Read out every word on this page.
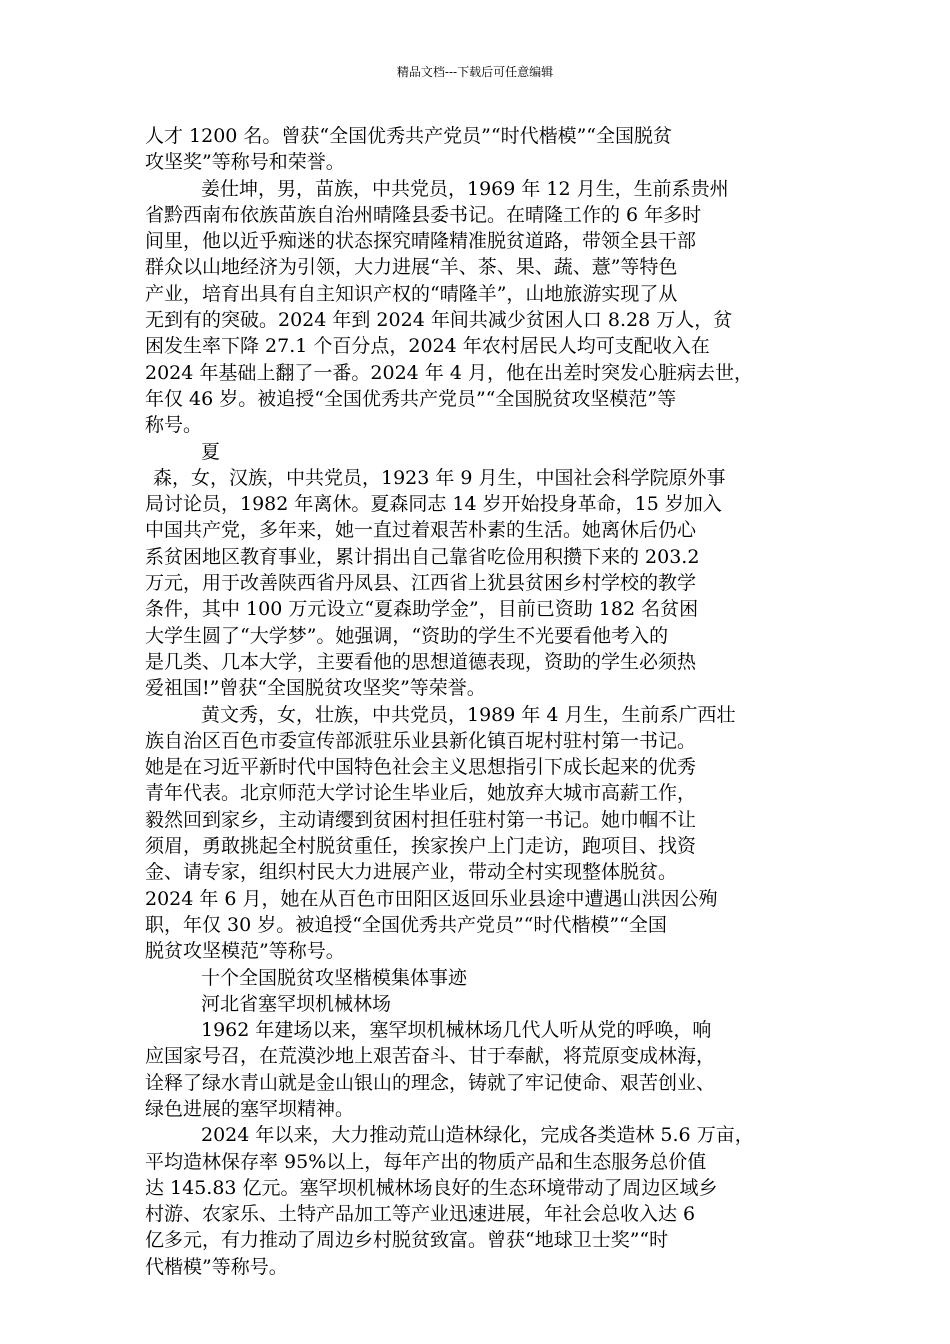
精品文档---下载后可任意编辑
人才 1200 名。曾获“全国优秀共产党员”“时代楷模”“全国脱贫
攻坚奖”等称号和荣誉。
姜仕坤，男，苗族，中共党员，1969 年 12 月生，生前系贵州
省黔西南布依族苗族自治州晴隆县委书记。在晴隆工作的 6 年多时
间里，他以近乎痴迷的状态探究晴隆精准脱贫道路，带领全县干部
群众以山地经济为引领，大力进展“羊、茶、果、蔬、薏”等特色
产业，培育出具有自主知识产权的“晴隆羊”，山地旅游实现了从
无到有的突破。2024 年到 2024 年间共减少贫困人口 8.28 万人，贫
困发生率下降 27.1 个百分点，2024 年农村居民人均可支配收入在
2024 年基础上翻了一番。2024 年 4 月，他在出差时突发心脏病去世，
年仅 46 岁。被追授“全国优秀共产党员”“全国脱贫攻坚模范”等
称号。
夏
森，女，汉族，中共党员，1923 年 9 月生，中国社会科学院原外事
局讨论员，1982 年离休。夏森同志 14 岁开始投身革命，15 岁加入
中国共产党，多年来，她一直过着艰苦朴素的生活。她离休后仍心
系贫困地区教育事业，累计捐出自己靠省吃俭用积攒下来的 203.2
万元，用于改善陕西省丹凤县、江西省上犹县贫困乡村学校的教学
条件，其中 100 万元设立“夏森助学金”，目前已资助 182 名贫困
大学生圆了“大学梦”。她强调，“资助的学生不光要看他考入的
是几类、几本大学，主要看他的思想道德表现，资助的学生必须热
爱祖国!”曾获“全国脱贫攻坚奖”等荣誉。
黄文秀，女，壮族，中共党员，1989 年 4 月生，生前系广西壮
族自治区百色市委宣传部派驻乐业县新化镇百坭村驻村第一书记。
她是在习近平新时代中国特色社会主义思想指引下成长起来的优秀
青年代表。北京师范大学讨论生毕业后，她放弃大城市高薪工作，
毅然回到家乡，主动请缨到贫困村担任驻村第一书记。她巾帼不让
须眉，勇敢挑起全村脱贫重任，挨家挨户上门走访，跑项目、找资
金、请专家，组织村民大力进展产业，带动全村实现整体脱贫。
2024 年 6 月，她在从百色市田阳区返回乐业县途中遭遇山洪因公殉
职，年仅 30 岁。被追授“全国优秀共产党员”“时代楷模”“全国
脱贫攻坚模范”等称号。
十个全国脱贫攻坚楷模集体事迹
河北省塞罕坝机械林场
1962 年建场以来，塞罕坝机械林场几代人听从党的呼唤，响
应国家号召，在荒漠沙地上艰苦奋斗、甘于奉献，将荒原变成林海，
诠释了绿水青山就是金山银山的理念，铸就了牢记使命、艰苦创业、
绿色进展的塞罕坝精神。
2024 年以来，大力推动荒山造林绿化，完成各类造林 5.6 万亩，
平均造林保存率 95%以上，每年产出的物质产品和生态服务总价值
达 145.83 亿元。塞罕坝机械林场良好的生态环境带动了周边区域乡
村游、农家乐、土特产品加工等产业迅速进展，年社会总收入达 6
亿多元，有力推动了周边乡村脱贫致富。曾获“地球卫士奖”“时
代楷模”等称号。
